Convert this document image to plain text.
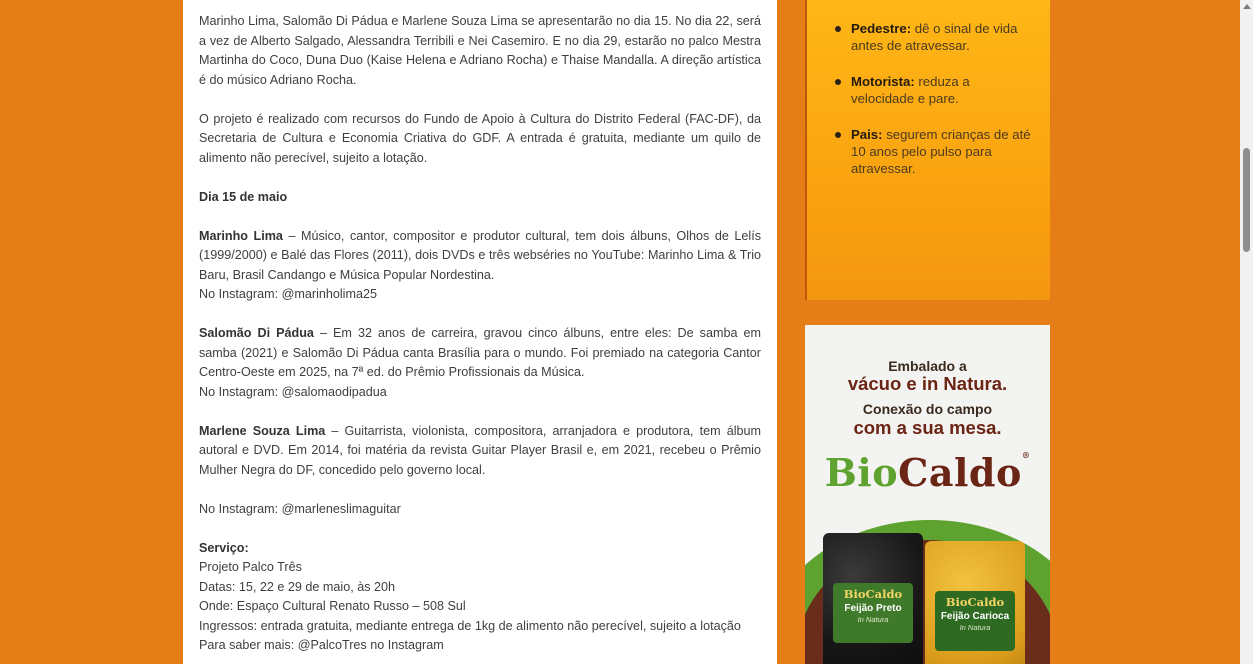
Marinho Lima, Salomão Di Pádua e Marlene Souza Lima se apresentarão no dia 15. No dia 22, será a vez de Alberto Salgado, Alessandra Terribili e Nei Casemiro. E no dia 29, estarão no palco Mestra Martinha do Coco, Duna Duo (Kaise Helena e Adriano Rocha) e Thaise Mandalla. A direção artística é do músico Adriano Rocha.

O projeto é realizado com recursos do Fundo de Apoio à Cultura do Distrito Federal (FAC-DF), da Secretaria de Cultura e Economia Criativa do GDF. A entrada é gratuita, mediante um quilo de alimento não perecível, sujeito a lotação.

Dia 15 de maio

Marinho Lima – Músico, cantor, compositor e produtor cultural, tem dois álbuns, Olhos de Lelís (1999/2000) e Balé das Flores (2011), dois DVDs e três webséries no YouTube: Marinho Lima & Trio Baru, Brasil Candango e Música Popular Nordestina.

No Instagram: @marinholima25

Salomão Di Pádua – Em 32 anos de carreira, gravou cinco álbuns, entre eles: De samba em samba (2021) e Salomão Di Pádua canta Brasília para o mundo. Foi premiado na categoria Cantor Centro-Oeste em 2025, na 7ª ed. do Prêmio Profissionais da Música.

No Instagram: @salomaodipadua

Marlene Souza Lima – Guitarrista, violonista, compositora, arranjadora e produtora, tem álbum autoral e DVD. Em 2014, foi matéria da revista Guitar Player Brasil e, em 2021, recebeu o Prêmio Mulher Negra do DF, concedido pelo governo local.

No Instagram: @marleneslimaguitar

Serviço:

Projeto Palco Três

Datas: 15, 22 e 29 de maio, às 20h

Onde: Espaço Cultural Renato Russo – 508 Sul

Ingressos: entrada gratuita, mediante entrega de 1kg de alimento não perecível, sujeito a lotação

Para saber mais: @PalcoTres no Instagram

Pedestre: dê o sinal de vida antes de atravessar.
Motorista: reduza a velocidade e pare.
Pais: segurem crianças de até 10 anos pelo pulso para atravessar.
Embalado a
vácuo e in Natura.
Conexão do campo
com a sua mesa.
BioCaldo®
BioCaldo
Feijão Preto
In Natura
BioCaldo
Feijão Carioca
In Natura
